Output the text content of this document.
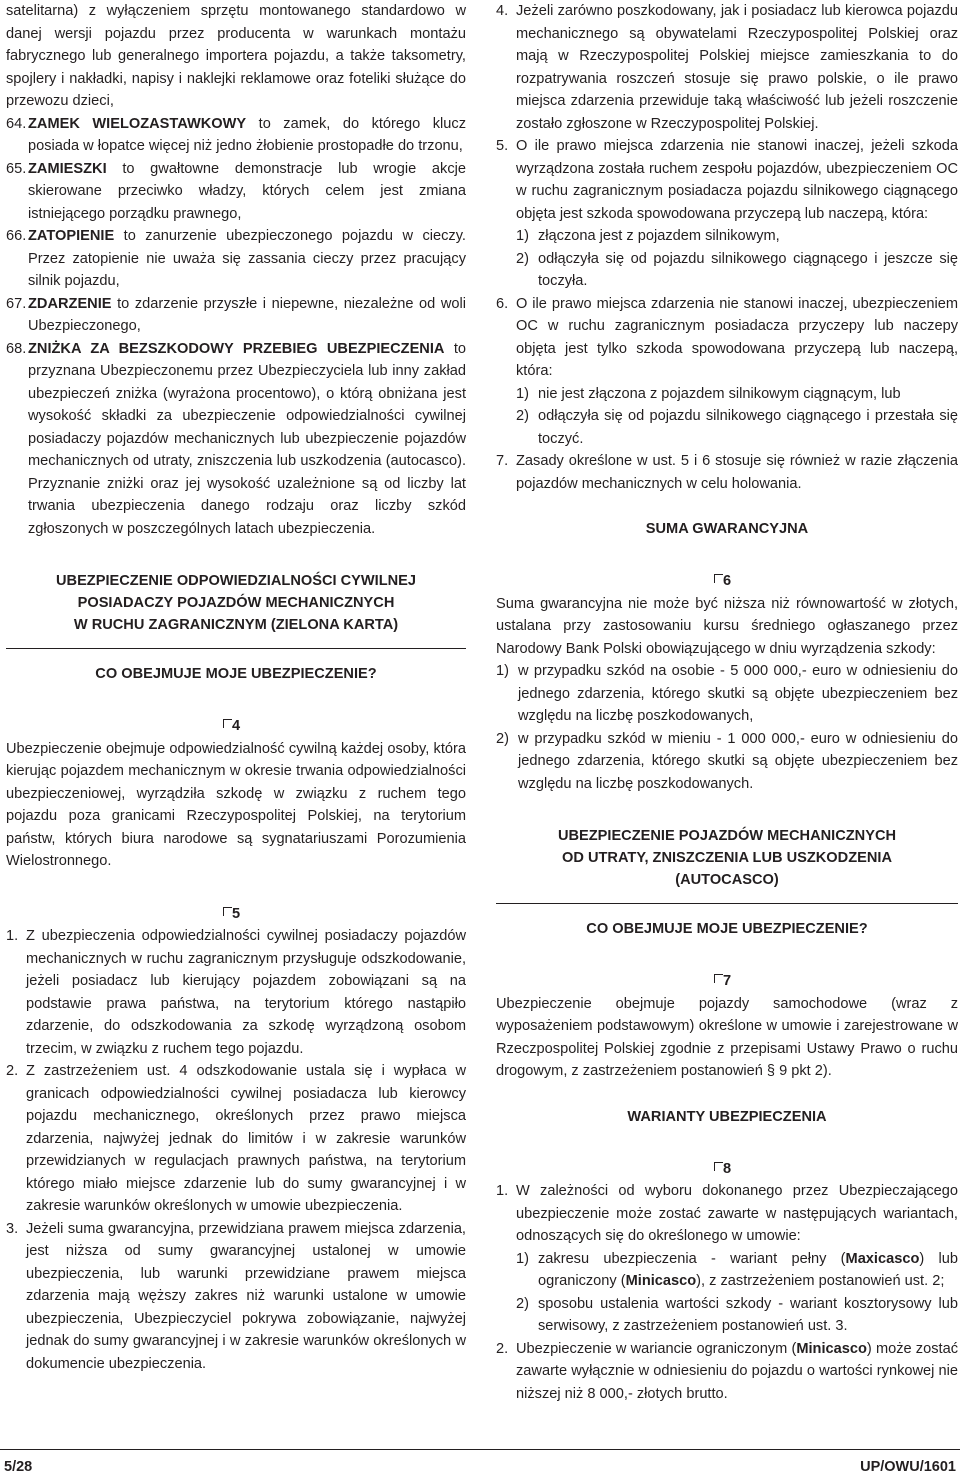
satelitarna) z wyłączeniem sprzętu montowanego standardowo w danej wersji pojazdu przez producenta w warunkach montażu fabrycznego lub generalnego importera pojazdu, a także taksometry, spojlery i nakładki, napisy i naklejki reklamowe oraz foteliki służące do przewozu dzieci,

64. ZAMEK WIELOZASTAWKOWY to zamek, do którego klucz posiada w łopatce więcej niż jedno żłobienie prostopadłe do trzonu,
65. ZAMIESZKI to gwałtowne demonstracje lub wrogie akcje skierowane przeciwko władzy, których celem jest zmiana istniejącego porządku prawnego,
66. ZATOPIENIE to zanurzenie ubezpieczonego pojazdu w cieczy. Przez zatopienie nie uważa się zassania cieczy przez pracujący silnik pojazdu,
67. ZDARZENIE to zdarzenie przyszłe i niepewne, niezależne od woli Ubezpieczonego,
68. ZNIŻKA ZA BEZSZKODOWY PRZEBIEG UBEZPIECZENIA to przyznana Ubezpieczonemu przez Ubezpieczyciela lub inny zakład ubezpieczeń zniżka (wyrażona procentowo), o którą obniżana jest wysokość składki za ubezpieczenie odpowiedzialności cywilnej posiadaczy pojazdów mechanicznych lub ubezpieczenie pojazdów mechanicznych od utraty, zniszczenia lub uszkodzenia (autocasco). Przyznanie zniżki oraz jej wysokość uzależnione są od liczby lat trwania ubezpieczenia danego rodzaju oraz liczby szkód zgłoszonych w poszczególnych latach ubezpieczenia.
UBEZPIECZENIE ODPOWIEDZIALNOŚCI CYWILNEJ
POSIADACZY POJAZDÓW MECHANICZNYCH
W RUCHU ZAGRANICZNYM (ZIELONA KARTA)
CO OBEJMUJE MOJE UBEZPIECZENIE?
4

Ubezpieczenie obejmuje odpowiedzialność cywilną każdej osoby, która kierując pojazdem mechanicznym w okresie trwania odpowiedzialności ubezpieczeniowej, wyrządziła szkodę w związku z ruchem tego pojazdu poza granicami Rzeczypospolitej Polskiej, na terytorium państw, których biura narodowe są sygnatariuszami Porozumienia Wielostronnego.

5
1. Z ubezpieczenia odpowiedzialności cywilnej posiadaczy pojazdów mechanicznych w ruchu zagranicznym przysługuje odszkodowanie, jeżeli posiadacz lub kierujący pojazdem zobowiązani są na podstawie prawa państwa, na terytorium którego nastąpiło zdarzenie, do odszkodowania za szkodę wyrządzoną osobom trzecim, w związku z ruchem tego pojazdu.
2. Z zastrzeżeniem ust. 4 odszkodowanie ustala się i wypłaca w granicach odpowiedzialności cywilnej posiadacza lub kierowcy pojazdu mechanicznego, określonych przez prawo miejsca zdarzenia, najwyżej jednak do limitów i w zakresie warunków przewidzianych w regulacjach prawnych państwa, na terytorium którego miało miejsce zdarzenie lub do sumy gwarancyjnej i w zakresie warunków określonych w umowie ubezpieczenia.
3. Jeżeli suma gwarancyjna, przewidziana prawem miejsca zdarzenia, jest niższa od sumy gwarancyjnej ustalonej w umowie ubezpieczenia, lub warunki przewidziane prawem miejsca zdarzenia mają węższy zakres niż warunki ustalone w umowie ubezpieczenia, Ubezpieczyciel pokrywa zobowiązanie, najwyżej jednak do sumy gwarancyjnej i w zakresie warunków określonych w dokumencie ubezpieczenia.
4. Jeżeli zarówno poszkodowany, jak i posiadacz lub kierowca pojazdu mechanicznego są obywatelami Rzeczypospolitej Polskiej oraz mają w Rzeczypospolitej Polskiej miejsce zamieszkania to do rozpatrywania roszczeń stosuje się prawo polskie, o ile prawo miejsca zdarzenia przewiduje taką właściwość lub jeżeli roszczenie zostało zgłoszone w Rzeczypospolitej Polskiej.
5. O ile prawo miejsca zdarzenia nie stanowi inaczej, jeżeli szkoda wyrządzona została ruchem zespołu pojazdów, ubezpieczeniem OC w ruchu zagranicznym posiadacza pojazdu silnikowego ciągnącego objęta jest szkoda spowodowana przyczepą lub naczepą, która:
1) złączona jest z pojazdem silnikowym,
2) odłączyła się od pojazdu silnikowego ciągnącego i jeszcze się toczyła.
6. O ile prawo miejsca zdarzenia nie stanowi inaczej, ubezpieczeniem OC w ruchu zagranicznym posiadacza przyczepy lub naczepy objęta jest tylko szkoda spowodowana przyczepą lub naczepą, która:
1) nie jest złączona z pojazdem silnikowym ciągnącym, lub
2) odłączyła się od pojazdu silnikowego ciągnącego i przestała się toczyć.
7. Zasady określone w ust. 5 i 6 stosuje się również w razie złączenia pojazdów mechanicznych w celu holowania.
SUMA GWARANCYJNA
6

Suma gwarancyjna nie może być niższa niż równowartość w złotych, ustalana przy zastosowaniu kursu średniego ogłaszanego przez Narodowy Bank Polski obowiązującego w dniu wyrządzenia szkody:

1) w przypadku szkód na osobie - 5 000 000,- euro w odniesieniu do jednego zdarzenia, którego skutki są objęte ubezpieczeniem bez względu na liczbę poszkodowanych,
2) w przypadku szkód w mieniu - 1 000 000,- euro w odniesieniu do jednego zdarzenia, którego skutki są objęte ubezpieczeniem bez względu na liczbę poszkodowanych.
UBEZPIECZENIE POJAZDÓW MECHANICZNYCH
OD UTRATY, ZNISZCZENIA LUB USZKODZENIA
(AUTOCASCO)
CO OBEJMUJE MOJE UBEZPIECZENIE?
7

Ubezpieczenie obejmuje pojazdy samochodowe (wraz z wyposażeniem podstawowym) określone w umowie i zarejestrowane w Rzeczpospolitej Polskiej zgodnie z przepisami Ustawy Prawo o ruchu drogowym, z zastrzeżeniem postanowień § 9 pkt 2).

WARIANTY UBEZPIECZENIA
8
1. W zależności od wyboru dokonanego przez Ubezpieczającego ubezpieczenie może zostać zawarte w następujących wariantach, odnoszących się do określonego w umowie:
1) zakresu ubezpieczenia - wariant pełny (Maxicasco) lub ograniczony (Minicasco), z zastrzeżeniem postanowień ust. 2;
2) sposobu ustalenia wartości szkody - wariant kosztorysowy lub serwisowy, z zastrzeżeniem postanowień ust. 3.
2. Ubezpieczenie w wariancie ograniczonym (Minicasco) może zostać zawarte wyłącznie w odniesieniu do pojazdu o wartości rynkowej nie niższej niż 8 000,- złotych brutto.
5/28	UP/OWU/1601
